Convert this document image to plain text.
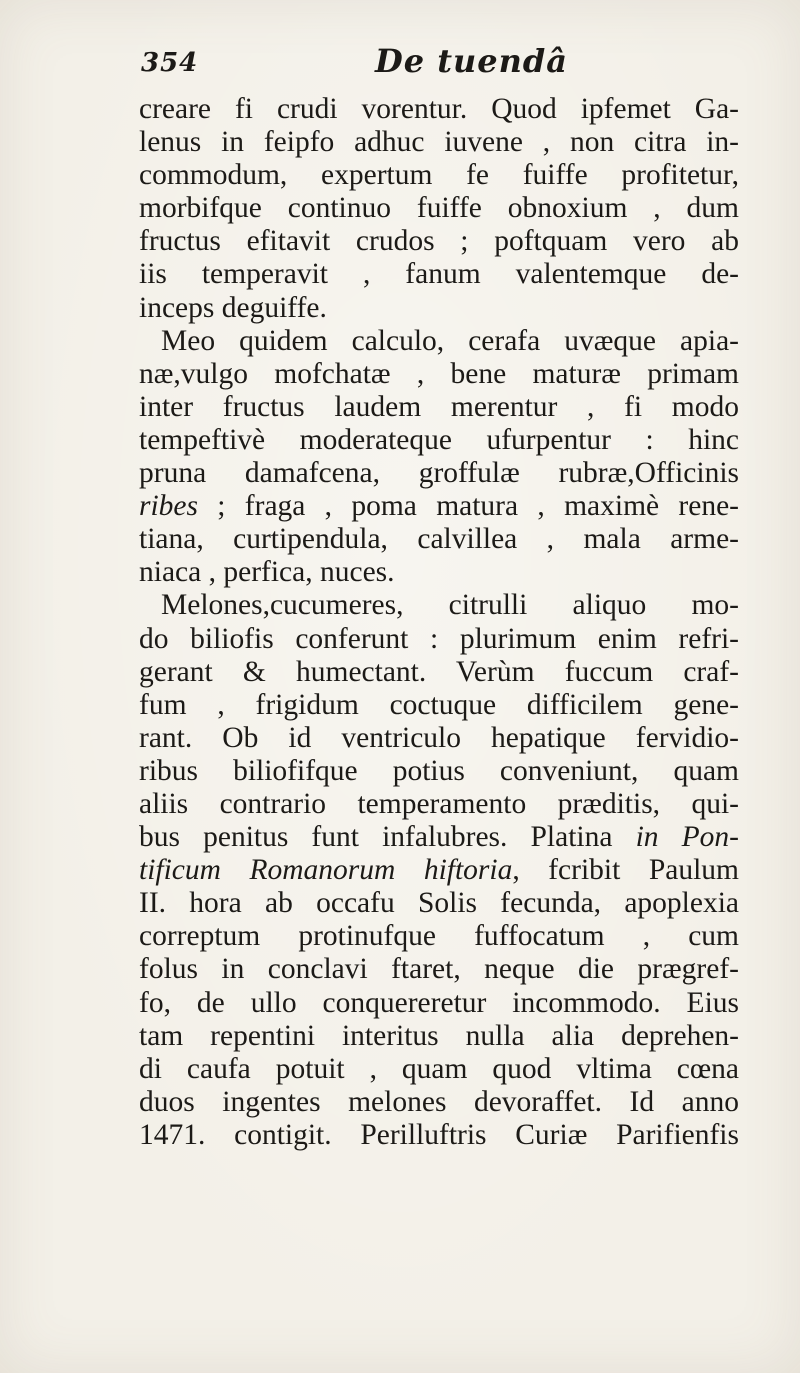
354	De tuendâ
creare fi crudi vorentur. Quod ipfemet Ga-
lenus in feipfo adhuc iuvene , non citra in-
commodum, expertum fe fuiffe profitetur,
morbifque continuo fuiffe obnoxium , dum
fructus efitavit crudos ; poftquam vero ab
iis temperavit , fanum valentemque de-
inceps deguiffe.
Meo quidem calculo, cerafa uvæque apia-
næ,vulgo mofchatæ , bene maturæ primam
inter fructus laudem merentur , fi modo
tempeftivè moderateque ufurpentur : hinc
pruna damafcena, groffulæ rubræ,Officinis
ribes ; fraga , poma matura , maximè rene-
tiana, curtipendula, calvillea , mala arme-
niaca , perfica, nuces.
Melones,cucumeres, citrulli aliquo mo-
do biliofis conferunt : plurimum enim refri-
gerant & humectant. Verùm fuccum craf-
fum , frigidum coctuque difficilem gene-
rant. Ob id ventriculo hepatique fervidio-
ribus biliofifque potius conveniunt, quam
aliis contrario temperamento præditis, qui-
bus penitus funt infalubres. Platina in Pon-
tificum Romanorum hiftoria, fcribit Paulum
II. hora ab occafu Solis fecunda, apoplexia
correptum protinufque fuffocatum , cum
folus in conclavi ftaret, neque die prægref-
fo, de ullo conquereretur incommodo. Eius
tam repentini interitus nulla alia deprehen-
di caufa potuit , quam quod vltima cœna
duos ingentes melones devoraffet. Id anno
1471. contigit. Perilluftris Curiæ Parifienfis
